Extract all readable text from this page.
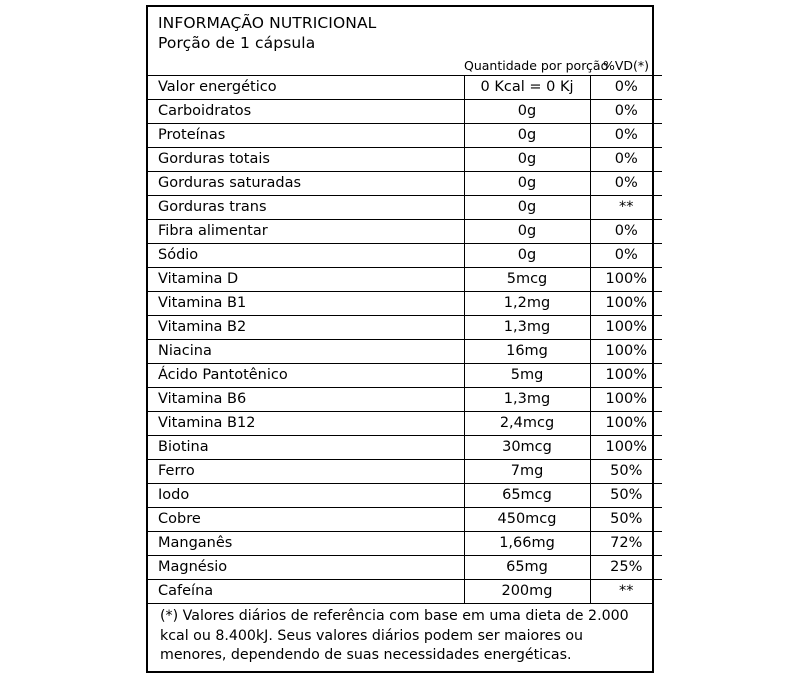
INFORMAÇÃO NUTRICIONAL
Porção de 1 cápsula
	Quantidade por porção	%VD(*)
Valor energético	0 Kcal = 0 Kj	0%
Carboidratos	0g	0%
Proteínas	0g	0%
Gorduras totais	0g	0%
Gorduras saturadas	0g	0%
Gorduras trans	0g	**
Fibra alimentar	0g	0%
Sódio	0g	0%
Vitamina D	5mcg	100%
Vitamina B1	1,2mg	100%
Vitamina B2	1,3mg	100%
Niacina	16mg	100%
Ácido Pantotênico	5mg	100%
Vitamina B6	1,3mg	100%
Vitamina B12	2,4mcg	100%
Biotina	30mcg	100%
Ferro	7mg	50%
Iodo	65mcg	50%
Cobre	450mcg	50%
Manganês	1,66mg	72%
Magnésio	65mg	25%
Cafeína	200mg	**
(*) Valores diários de referência com base em uma dieta de 2.000 kcal ou 8.400kJ. Seus valores diários podem ser maiores ou menores, dependendo de suas necessidades energéticas.
